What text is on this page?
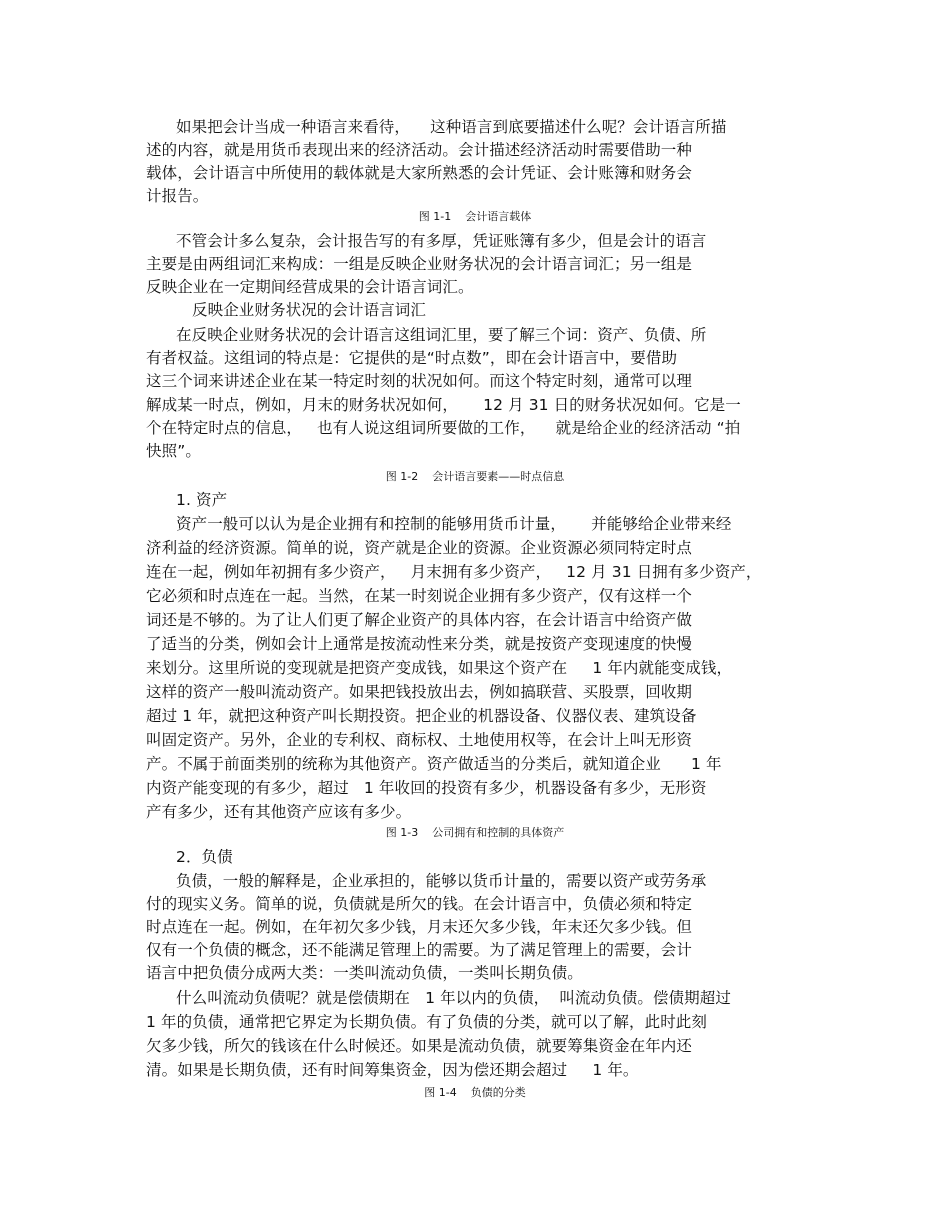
如果把会计当成一种语言来看待，    这种语言到底要描述什么呢？会计语言所描
述的内容，就是用货币表现出来的经济活动。会计描述经济活动时需要借助一种
载体，会计语言中所使用的载体就是大家所熟悉的会计凭证、会计账簿和财务会
计报告。
图 1-1    会计语言载体
不管会计多么复杂，会计报告写的有多厚，凭证账簿有多少，但是会计的语言
主要是由两组词汇来构成：一组是反映企业财务状况的会计语言词汇；另一组是
反映企业在一定期间经营成果的会计语言词汇。
反映企业财务状况的会计语言词汇
在反映企业财务状况的会计语言这组词汇里，要了解三个词：资产、负债、所
有者权益。这组词的特点是：它提供的是“时点数”，即在会计语言中，要借助
这三个词来讲述企业在某一特定时刻的状况如何。而这个特定时刻，通常可以理
解成某一时点，例如，月末的财务状况如何，     12 月 31 日的财务状况如何。它是一
个在特定时点的信息，   也有人说这组词所要做的工作，    就是给企业的经济活动 “拍
快照”。
图 1-2    会计语言要素——时点信息
1. 资产
资产一般可以认为是企业拥有和控制的能够用货币计量，     并能够给企业带来经
济利益的经济资源。简单的说，资产就是企业的资源。企业资源必须同特定时点
连在一起，例如年初拥有多少资产，   月末拥有多少资产，   12 月 31 日拥有多少资产，
它必须和时点连在一起。当然，在某一时刻说企业拥有多少资产，仅有这样一个
词还是不够的。为了让人们更了解企业资产的具体内容，在会计语言中给资产做
了适当的分类，例如会计上通常是按流动性来分类，就是按资产变现速度的快慢
来划分。这里所说的变现就是把资产变成钱，如果这个资产在     1 年内就能变成钱，
这样的资产一般叫流动资产。如果把钱投放出去，例如搞联营、买股票，回收期
超过 1 年，就把这种资产叫长期投资。把企业的机器设备、仪器仪表、建筑设备
叫固定资产。另外，企业的专利权、商标权、土地使用权等，在会计上叫无形资
产。不属于前面类别的统称为其他资产。资产做适当的分类后，就知道企业      1 年
内资产能变现的有多少，超过   1 年收回的投资有多少，机器设备有多少，无形资
产有多少，还有其他资产应该有多少。
图 1-3    公司拥有和控制的具体资产
2．负债
负债，一般的解释是，企业承担的，能够以货币计量的，需要以资产或劳务承
付的现实义务。简单的说，负债就是所欠的钱。在会计语言中，负债必须和特定
时点连在一起。例如，在年初欠多少钱，月末还欠多少钱，年末还欠多少钱。但
仅有一个负债的概念，还不能满足管理上的需要。为了满足管理上的需要，会计
语言中把负债分成两大类：一类叫流动负债，一类叫长期负债。
什么叫流动负债呢？就是偿债期在   1 年以内的负债，  叫流动负债。偿债期超过
1 年的负债，通常把它界定为长期负债。有了负债的分类，就可以了解，此时此刻
欠多少钱，所欠的钱该在什么时候还。如果是流动负债，就要筹集资金在年内还
清。如果是长期负债，还有时间筹集资金，因为偿还期会超过     1 年。
图 1-4    负债的分类
